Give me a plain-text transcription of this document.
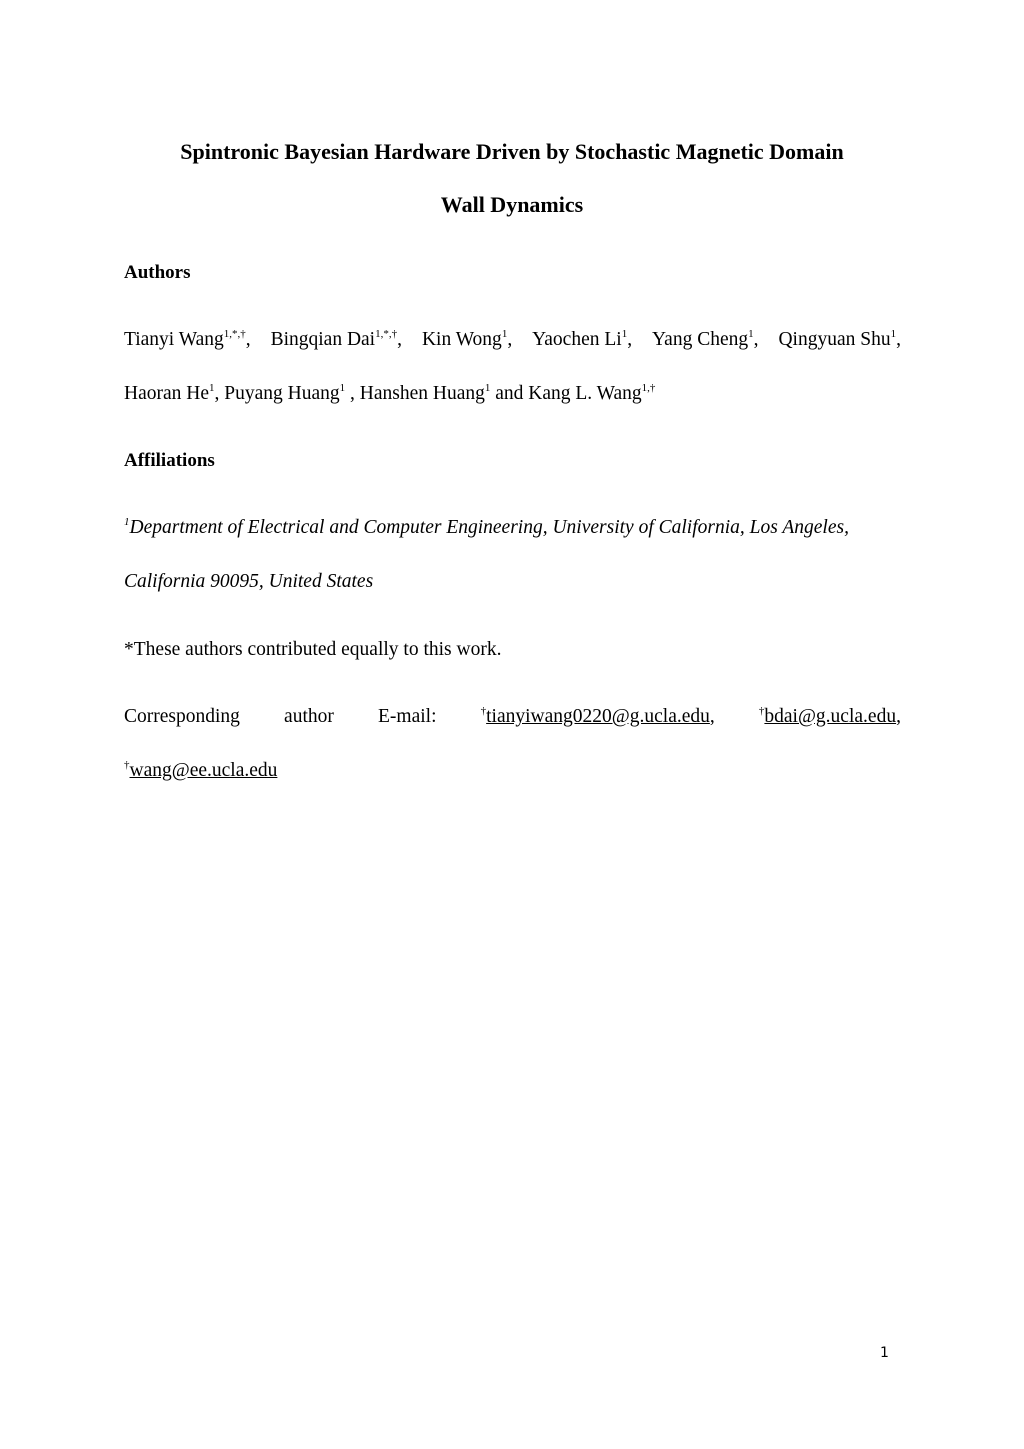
Spintronic Bayesian Hardware Driven by Stochastic Magnetic Domain
Wall Dynamics
Authors
Tianyi Wang$^{1,*,\dagger}$, Bingqian Dai$^{1,*,\dagger}$, Kin Wong$^1$, Yaochen Li$^1$, Yang Cheng$^1$, Qingyuan Shu$^1$,
Haoran He$^1$, Puyang Huang$^1$ , Hanshen Huang$^1$ and Kang L. Wang$^{1,\dagger}$
Affiliations
$^1$Department of Electrical and Computer Engineering, University of California, Los Angeles,
California 90095, United States
*These authors contributed equally to this work.
Corresponding author E-mail:	†tianyiwang0220@g.ucla.edu,	†bdai@g.ucla.edu,
†wang@ee.ucla.edu
1
